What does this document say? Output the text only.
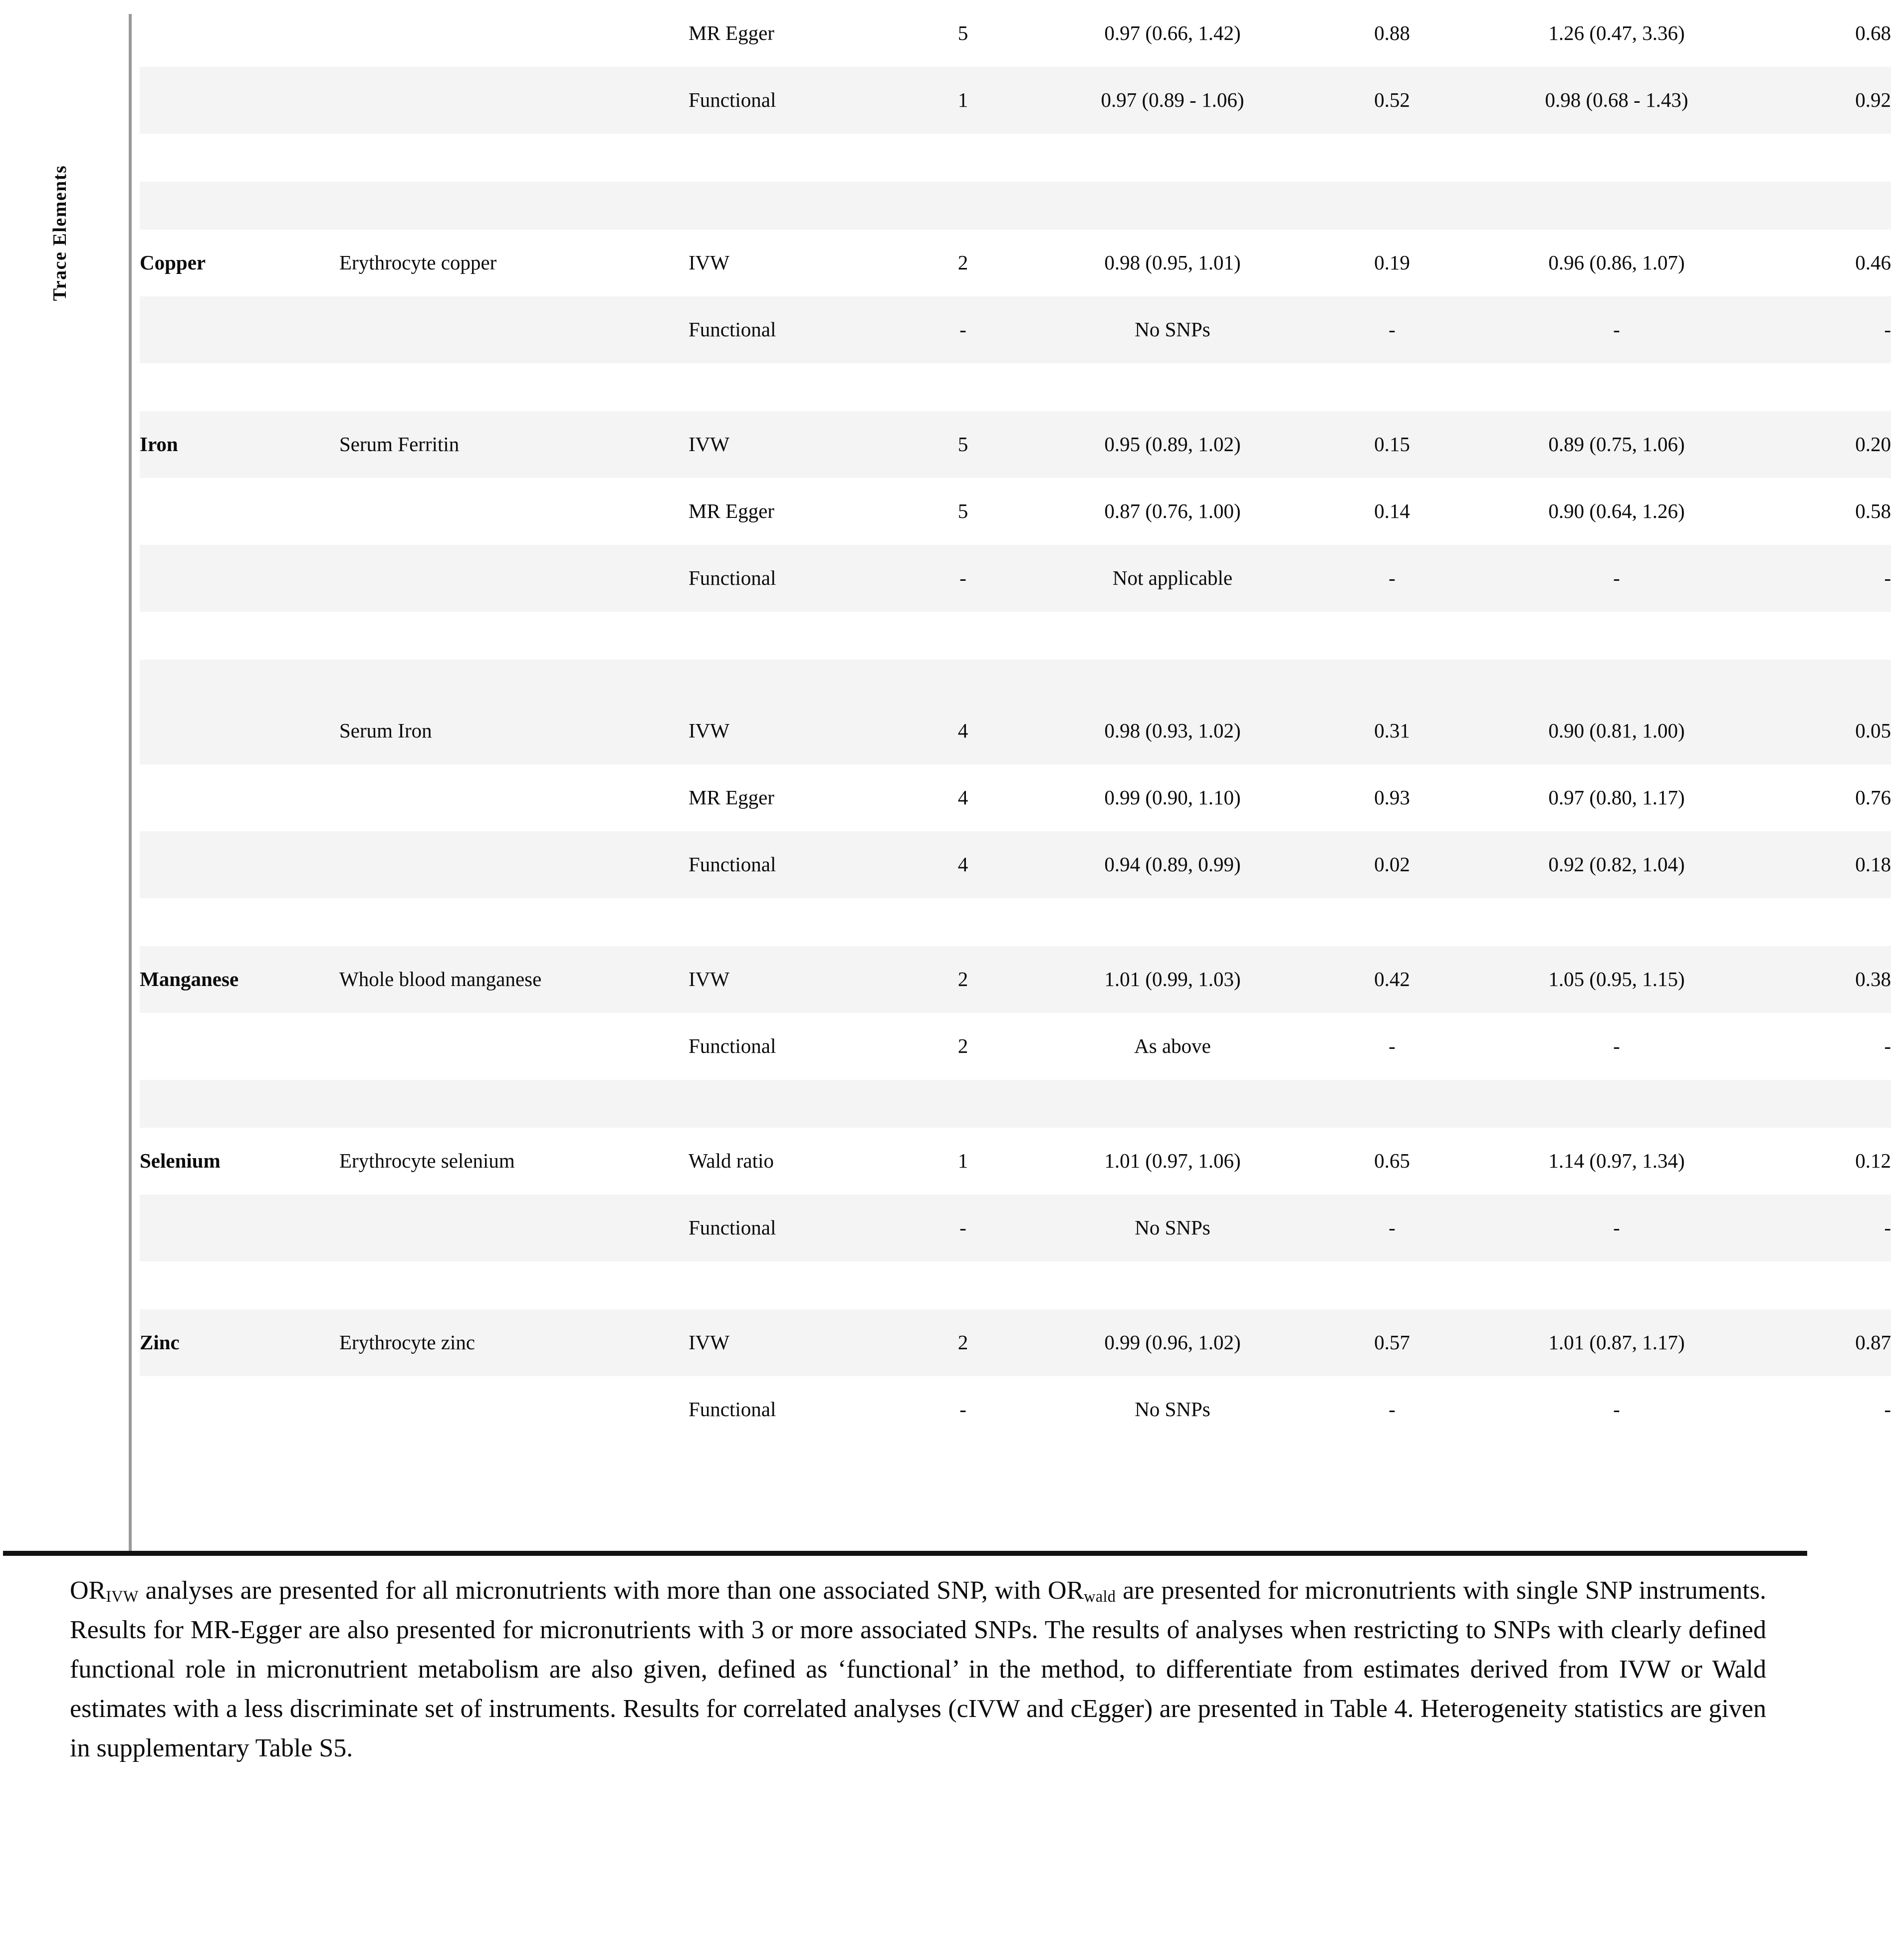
Trace Elements
		MR Egger	5	0.97 (0.66, 1.42)	0.88	1.26 (0.47, 3.36)	0.68
		Functional	1	0.97 (0.89 - 1.06)	0.52	0.98 (0.68 - 1.43)	0.92

Copper	Erythrocyte copper	IVW	2	0.98 (0.95, 1.01)	0.19	0.96 (0.86, 1.07)	0.46
		Functional	-	No SNPs	-	-	-

Iron	Serum Ferritin	IVW	5	0.95 (0.89, 1.02)	0.15	0.89 (0.75, 1.06)	0.20
		MR Egger	5	0.87 (0.76, 1.00)	0.14	0.90 (0.64, 1.26)	0.58
		Functional	-	Not applicable	-	-	-

	Serum Iron	IVW	4	0.98 (0.93, 1.02)	0.31	0.90 (0.81, 1.00)	0.05
		MR Egger	4	0.99 (0.90, 1.10)	0.93	0.97 (0.80, 1.17)	0.76
		Functional	4	0.94 (0.89, 0.99)	0.02	0.92 (0.82, 1.04)	0.18

Manganese	Whole blood manganese	IVW	2	1.01 (0.99, 1.03)	0.42	1.05 (0.95, 1.15)	0.38
		Functional	2	As above	-	-	-

Selenium	Erythrocyte selenium	Wald ratio	1	1.01 (0.97, 1.06)	0.65	1.14 (0.97, 1.34)	0.12
		Functional	-	No SNPs	-	-	-

Zinc	Erythrocyte zinc	IVW	2	0.99 (0.96, 1.02)	0.57	1.01 (0.87, 1.17)	0.87
		Functional	-	No SNPs	-	-	-
$OR_{IVW}$ analyses are presented for all micronutrients with more than one associated SNP, with $OR_{wald}$ are presented for micronutrients with single SNP instruments. Results for MR-Egger are also presented for micronutrients with 3 or more associated SNPs. The results of analyses when restricting to SNPs with clearly defined functional role in micronutrient metabolism are also given, defined as ‘functional’ in the method, to differentiate from estimates derived from IVW or Wald estimates with a less discriminate set of instruments. Results for correlated analyses (cIVW and cEgger) are presented in Table 4. Heterogeneity statistics are given in supplementary Table S5.
